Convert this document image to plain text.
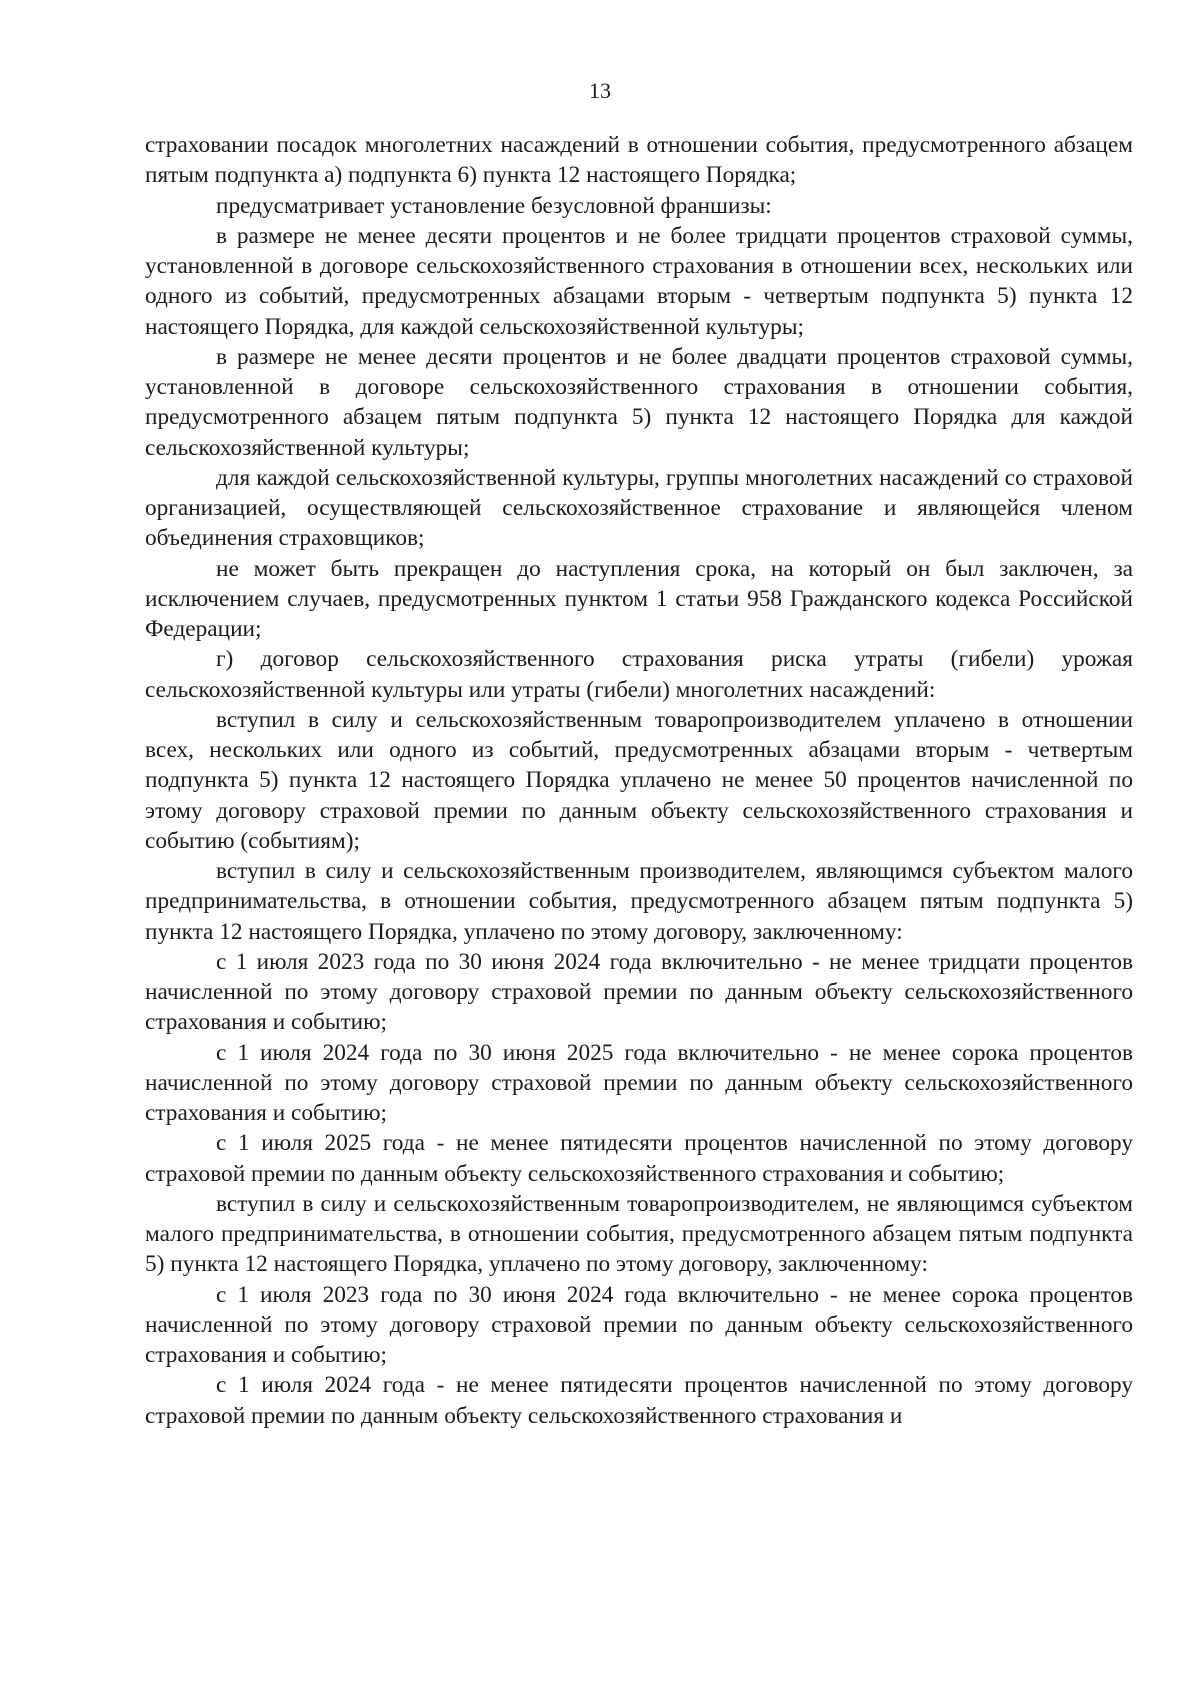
13

страховании посадок многолетних насаждений в отношении события, предусмотренного абзацем пятым подпункта а) подпункта 6) пункта 12 настоящего Порядка;

предусматривает установление безусловной франшизы:

в размере не менее десяти процентов и не более тридцати процентов страховой суммы, установленной в договоре сельскохозяйственного страхования в отношении всех, нескольких или одного из событий, предусмотренных абзацами вторым - четвертым подпункта 5) пункта 12 настоящего Порядка, для каждой сельскохозяйственной культуры;

в размере не менее десяти процентов и не более двадцати процентов страховой суммы, установленной в договоре сельскохозяйственного страхования в отношении события, предусмотренного абзацем пятым подпункта 5) пункта 12 настоящего Порядка для каждой сельскохозяйственной культуры;

для каждой сельскохозяйственной культуры, группы многолетних насаждений со страховой организацией, осуществляющей сельскохозяйственное страхование и являющейся членом объединения страховщиков;

не может быть прекращен до наступления срока, на который он был заключен, за исключением случаев, предусмотренных пунктом 1 статьи 958 Гражданского кодекса Российской Федерации;

г) договор сельскохозяйственного страхования риска утраты (гибели) урожая сельскохозяйственной культуры или утраты (гибели) многолетних насаждений:

вступил в силу и сельскохозяйственным товаропроизводителем уплачено в отношении всех, нескольких или одного из событий, предусмотренных абзацами вторым - четвертым подпункта 5) пункта 12 настоящего Порядка уплачено не менее 50 процентов начисленной по этому договору страховой премии по данным объекту сельскохозяйственного страхования и событию (событиям);

вступил в силу и сельскохозяйственным производителем, являющимся субъектом малого предпринимательства, в отношении события, предусмотренного абзацем пятым подпункта 5) пункта 12 настоящего Порядка, уплачено по этому договору, заключенному:

с 1 июля 2023 года по 30 июня 2024 года включительно - не менее тридцати процентов начисленной по этому договору страховой премии по данным объекту сельскохозяйственного страхования и событию;

с 1 июля 2024 года по 30 июня 2025 года включительно - не менее сорока процентов начисленной по этому договору страховой премии по данным объекту сельскохозяйственного страхования и событию;

с 1 июля 2025 года - не менее пятидесяти процентов начисленной по этому договору страховой премии по данным объекту сельскохозяйственного страхования и событию;

вступил в силу и сельскохозяйственным товаропроизводителем, не являющимся субъектом малого предпринимательства, в отношении события, предусмотренного абзацем пятым подпункта 5) пункта 12 настоящего Порядка, уплачено по этому договору, заключенному:

с 1 июля 2023 года по 30 июня 2024 года включительно - не менее сорока процентов начисленной по этому договору страховой премии по данным объекту сельскохозяйственного страхования и событию;

с 1 июля 2024 года - не менее пятидесяти процентов начисленной по этому договору страховой премии по данным объекту сельскохозяйственного страхования и
